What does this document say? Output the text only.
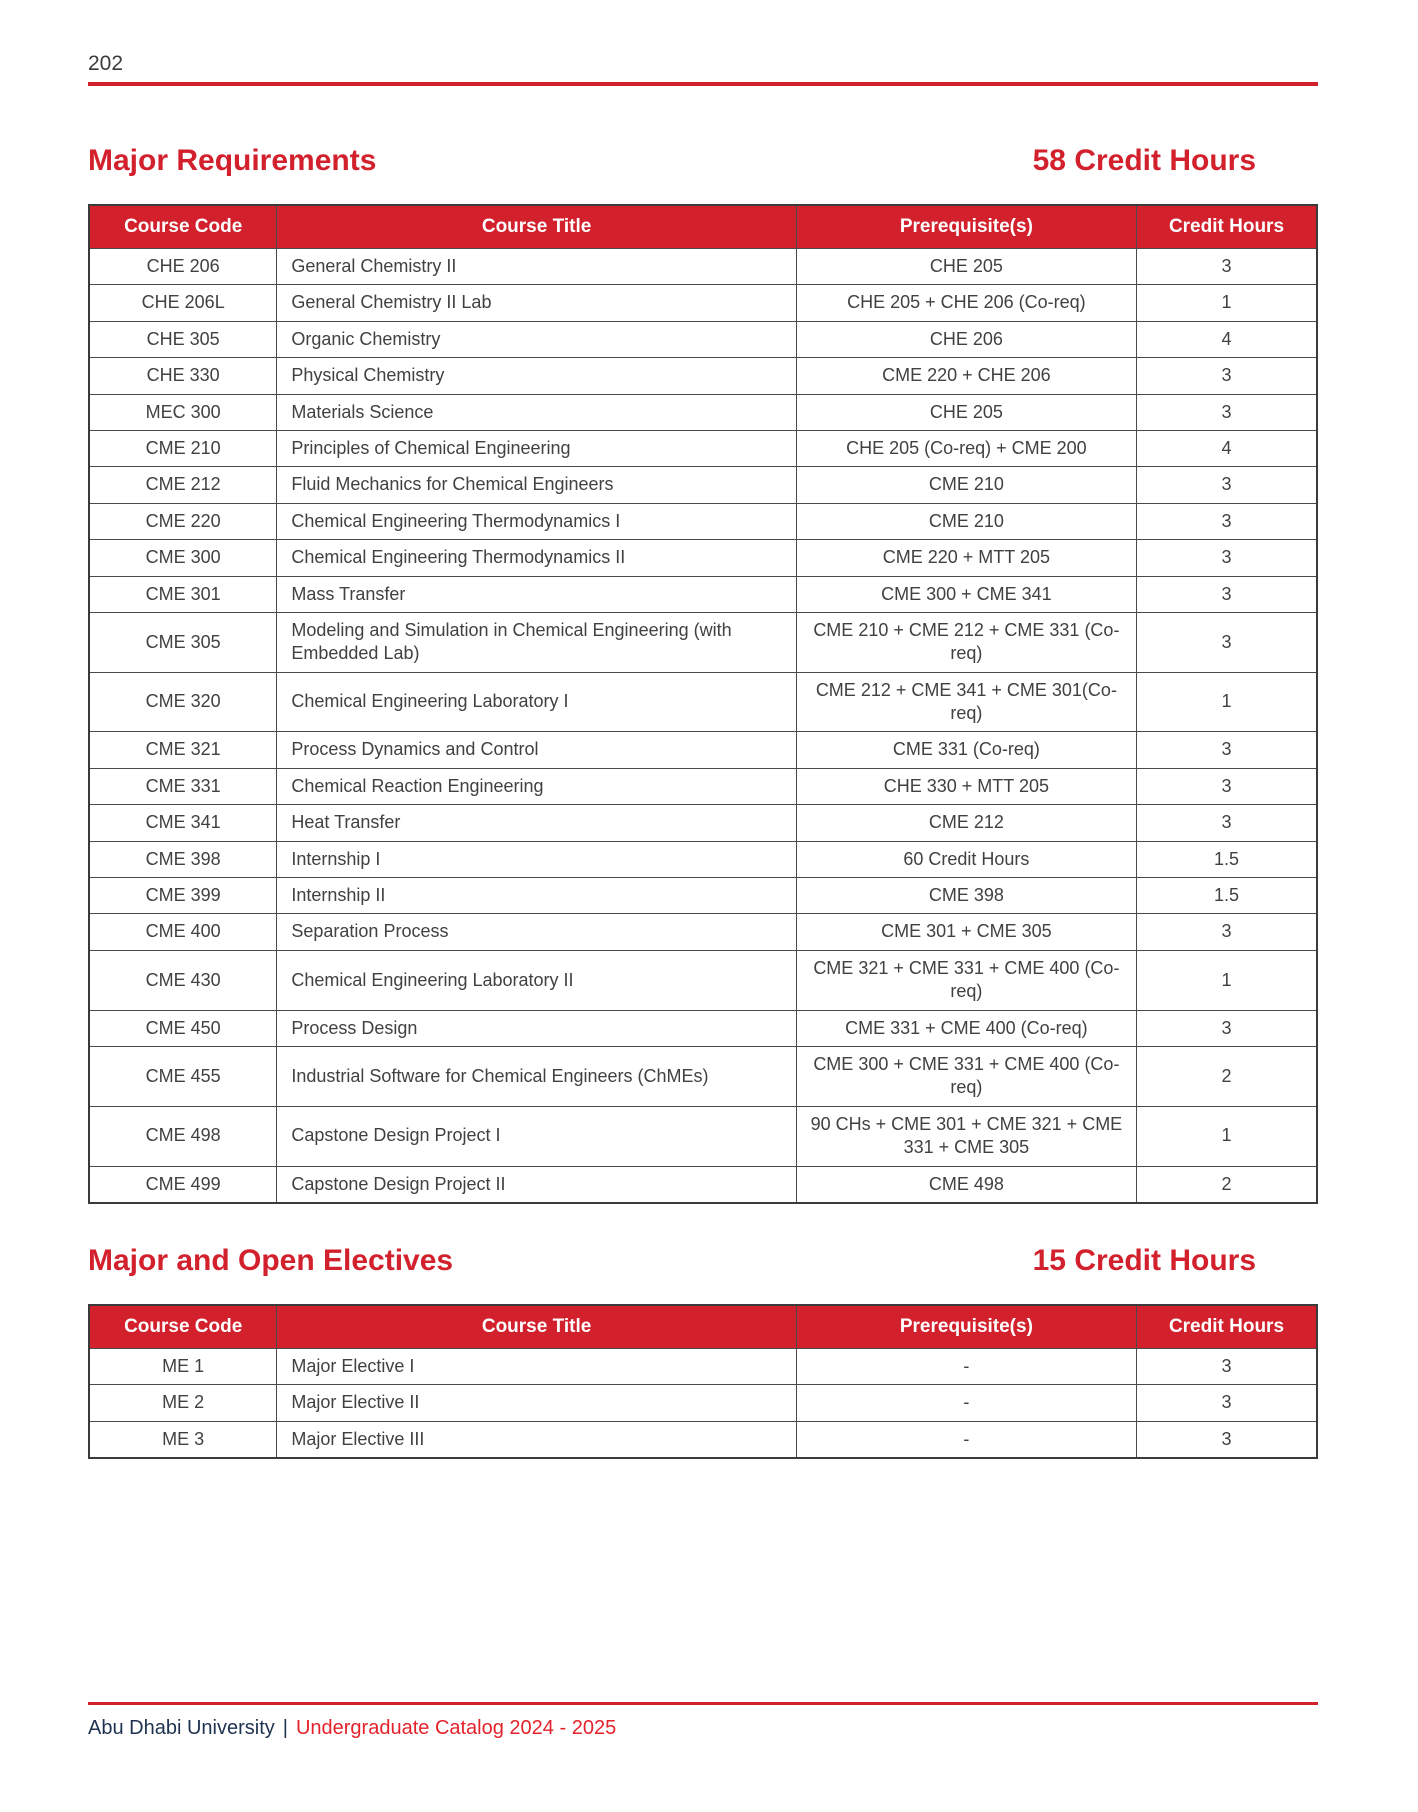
202
Major Requirements	58 Credit Hours
Course Code	Course Title	Prerequisite(s)	Credit Hours
CHE 206	General Chemistry II	CHE 205	3
CHE 206L	General Chemistry II Lab	CHE 205 + CHE 206 (Co-req)	1
CHE 305	Organic Chemistry	CHE 206	4
CHE 330	Physical Chemistry	CME 220 + CHE 206	3
MEC 300	Materials Science	CHE 205	3
CME 210	Principles of Chemical Engineering	CHE 205 (Co-req) + CME 200	4
CME 212	Fluid Mechanics for Chemical Engineers	CME 210	3
CME 220	Chemical Engineering Thermodynamics I	CME 210	3
CME 300	Chemical Engineering Thermodynamics II	CME 220 + MTT 205	3
CME 301	Mass Transfer	CME 300 + CME 341	3
CME 305	Modeling and Simulation in Chemical Engineering (with Embedded Lab)	CME 210 + CME 212 + CME 331 (Co-req)	3
CME 320	Chemical Engineering Laboratory I	CME 212 + CME 341 + CME 301(Co-req)	1
CME 321	Process Dynamics and Control	CME 331 (Co-req)	3
CME 331	Chemical Reaction Engineering	CHE 330 + MTT 205	3
CME 341	Heat Transfer	CME 212	3
CME 398	Internship I	60 Credit Hours	1.5
CME 399	Internship II	CME 398	1.5
CME 400	Separation Process	CME 301 + CME 305	3
CME 430	Chemical Engineering Laboratory II	CME 321 + CME 331 + CME 400 (Co-req)	1
CME 450	Process Design	CME 331 + CME 400 (Co-req)	3
CME 455	Industrial Software for Chemical Engineers (ChMEs)	CME 300 + CME 331 + CME 400 (Co-req)	2
CME 498	Capstone Design Project I	90 CHs + CME 301 + CME 321 + CME 331 + CME 305	1
CME 499	Capstone Design Project II	CME 498	2
Major and Open Electives	15 Credit Hours
Course Code	Course Title	Prerequisite(s)	Credit Hours
ME 1	Major Elective I	-	3
ME 2	Major Elective II	-	3
ME 3	Major Elective III	-	3
Abu Dhabi University | Undergraduate Catalog 2024 - 2025
